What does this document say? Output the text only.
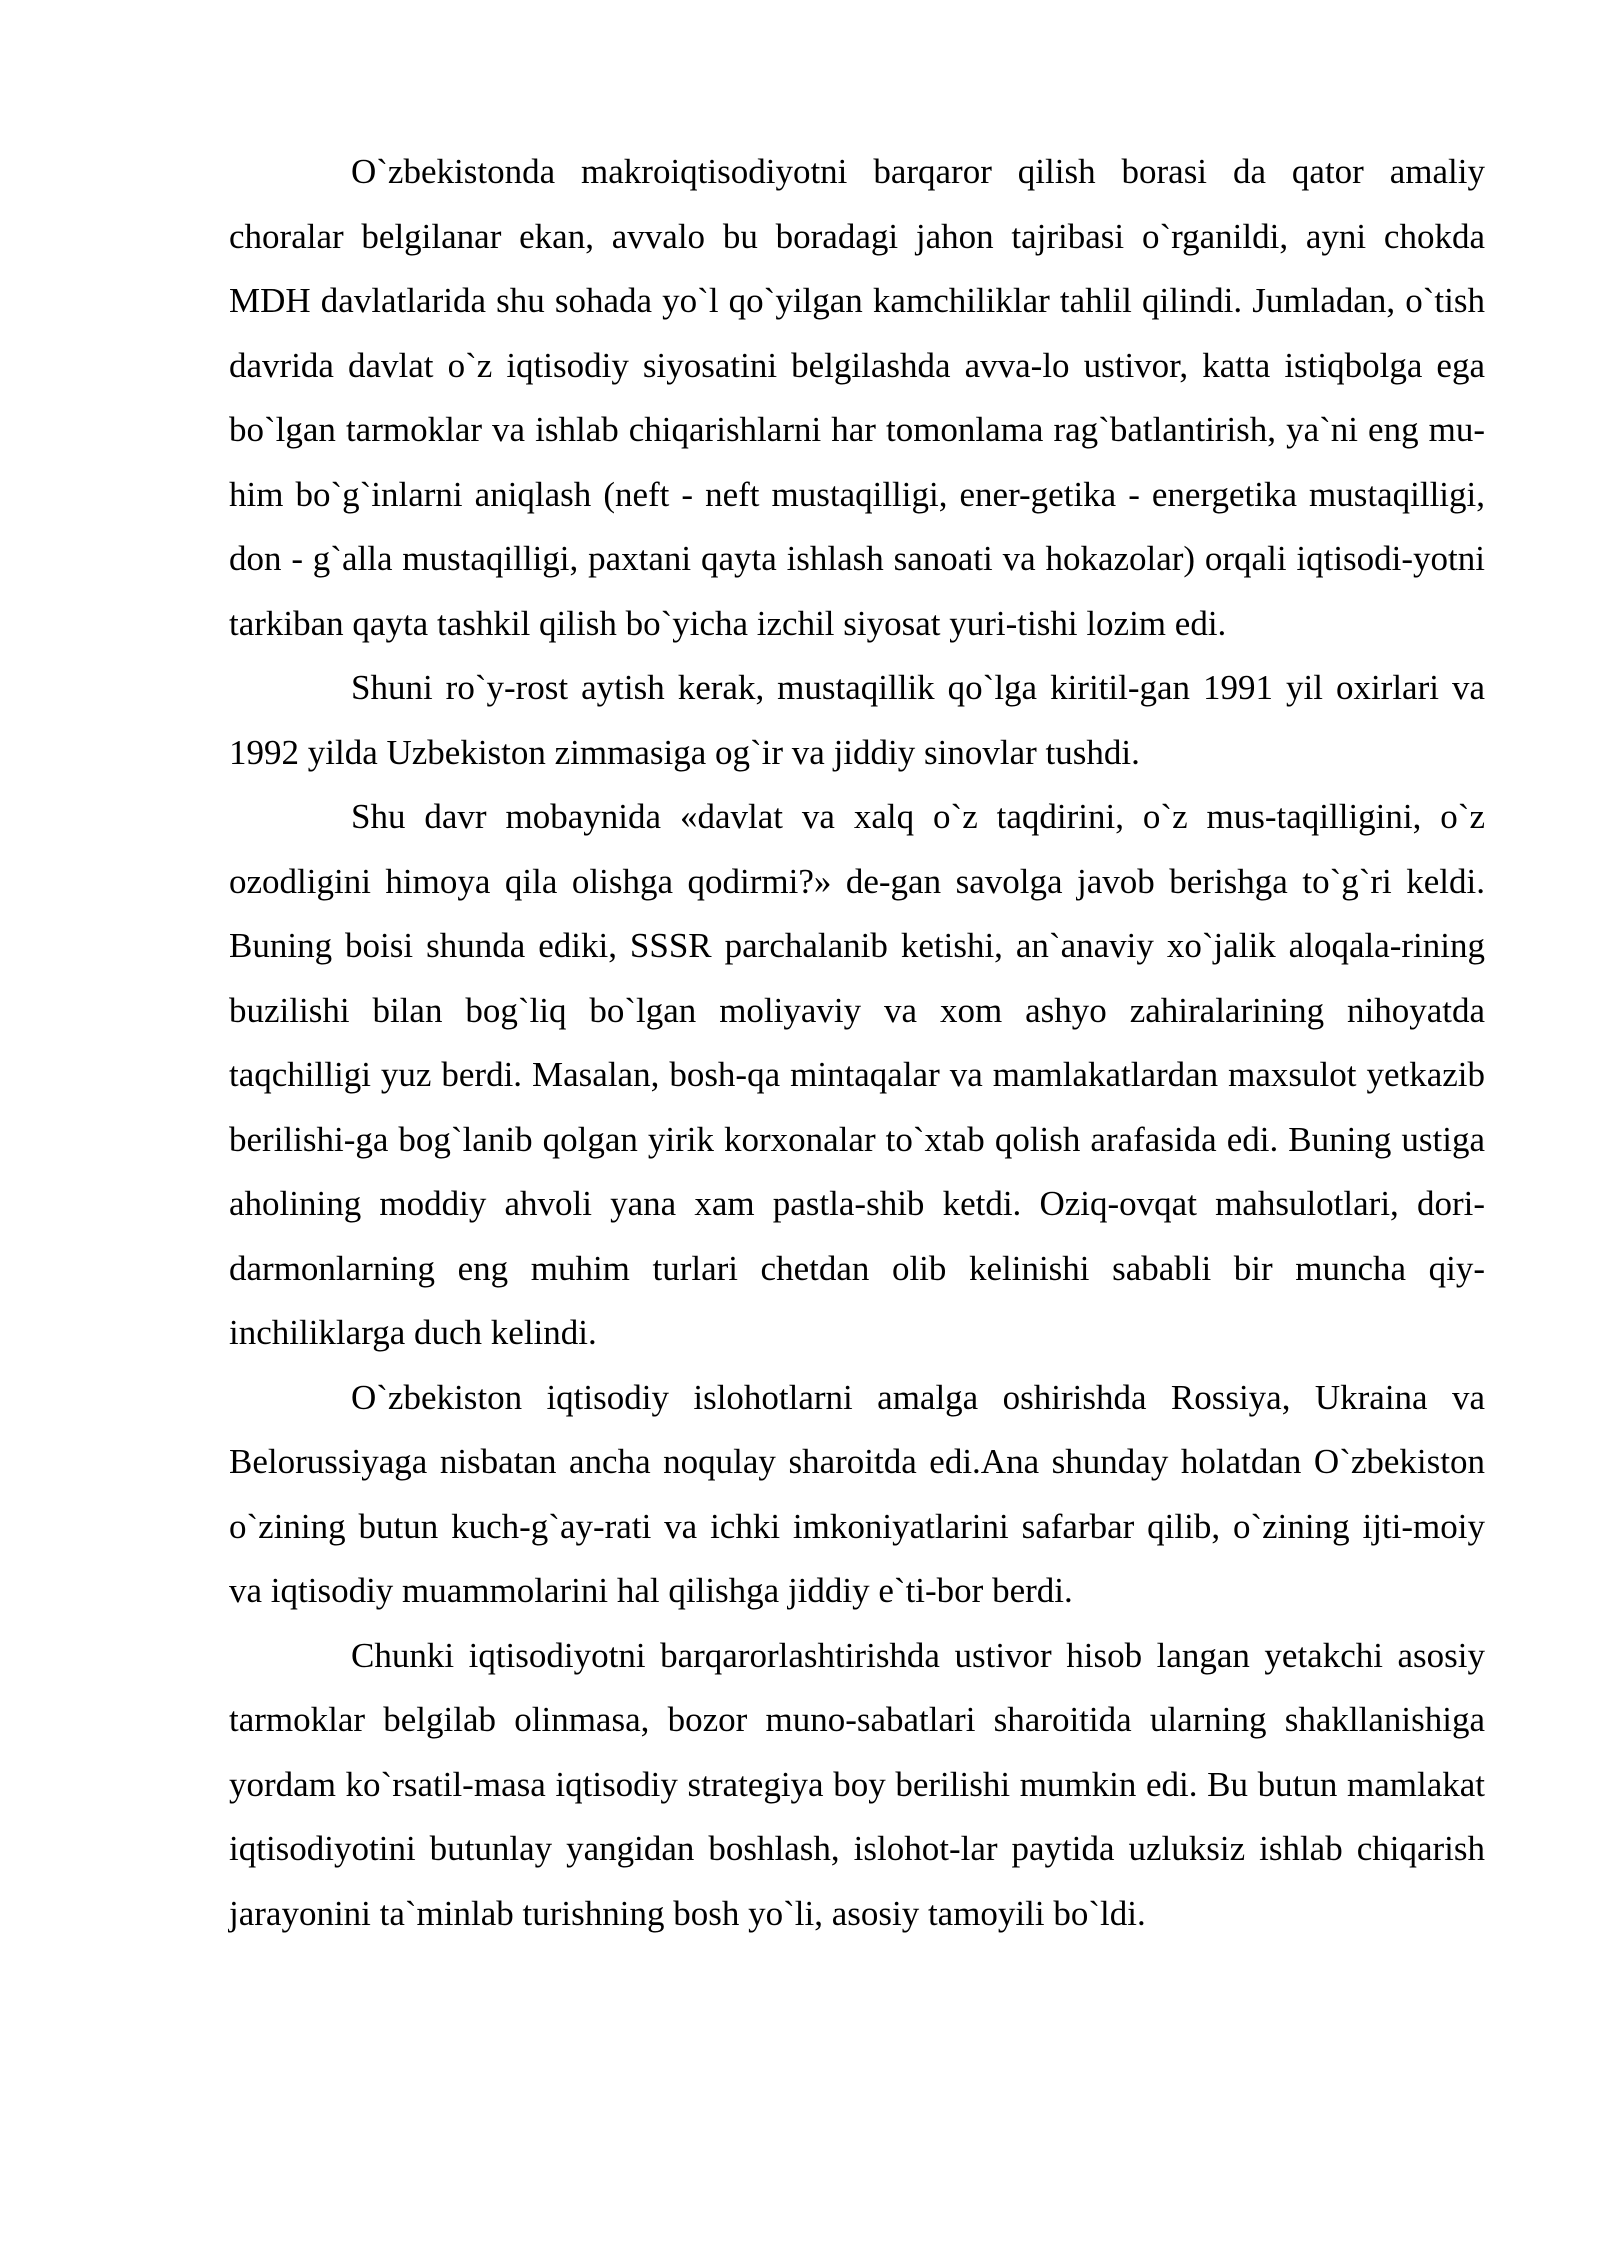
O`zbekistonda makroiqtisodiyotni barqaror qilish borasi da qator amaliy choralar belgilanar ekan, avvalo bu boradagi jahon tajribasi o`rganildi, ayni chokda MDH davlatlarida shu sohada yo`l qo`yilgan kamchiliklar tahlil qilindi. Jumladan, o`tish davrida davlat o`z iqtisodiy siyosatini belgilashda avva-lo ustivor, katta istiqbolga ega bo`lgan tarmoklar va ishlab chiqarishlarni har tomonlama rag`batlantirish, ya`ni eng mu-him bo`g`inlarni aniqlash (neft - neft mustaqilligi, ener-getika - energetika mustaqilligi, don - g`alla mustaqilligi, paxtani qayta ishlash sanoati va hokazolar) orqali iqtisodi-yotni tarkiban qayta tashkil qilish bo`yicha izchil siyosat yuri-tishi lozim edi.

Shuni ro`y-rost aytish kerak, mustaqillik qo`lga kiritil-gan 1991 yil oxirlari va 1992 yilda Uzbekiston zimmasiga og`ir va jiddiy sinovlar tushdi.

Shu davr mobaynida «davlat va xalq o`z taqdirini, o`z mus-taqilligini, o`z ozodligini himoya qila olishga qodirmi?» de-gan savolga javob berishga to`g`ri keldi. Buning boisi shunda ediki, SSSR parchalanib ketishi, an`anaviy xo`jalik aloqala-rining buzilishi bilan bog`liq bo`lgan moliyaviy va xom ashyo zahiralarining nihoyatda taqchilligi yuz berdi. Masalan, bosh-qa mintaqalar va mamlakatlardan maxsulot yetkazib berilishi-ga bog`lanib qolgan yirik korxonalar to`xtab qolish arafasida edi. Buning ustiga aholining moddiy ahvoli yana xam pastla-shib ketdi. Oziq-ovqat mahsulotlari, dori-darmonlarning eng muhim turlari chetdan olib kelinishi sababli bir muncha qiy-inchiliklarga duch kelindi.

O`zbekiston iqtisodiy islohotlarni amalga oshirishda Rossiya, Ukraina va Belorussiyaga nisbatan ancha noqulay sharoitda edi.Ana shunday holatdan O`zbekiston o`zining butun kuch-g`ay-rati va ichki imkoniyatlarini safarbar qilib, o`zining ijti-moiy va iqtisodiy muammolarini hal qilishga jiddiy e`ti-bor berdi.

Chunki iqtisodiyotni barqarorlashtirishda ustivor hisob langan yetakchi asosiy tarmoklar belgilab olinmasa, bozor muno-sabatlari sharoitida ularning shakllanishiga yordam ko`rsatil-masa iqtisodiy strategiya boy berilishi mumkin edi. Bu butun mamlakat iqtisodiyotini butunlay yangidan boshlash, islohot-lar paytida uzluksiz ishlab chiqarish jarayonini ta`minlab turishning bosh yo`li, asosiy tamoyili bo`ldi.
